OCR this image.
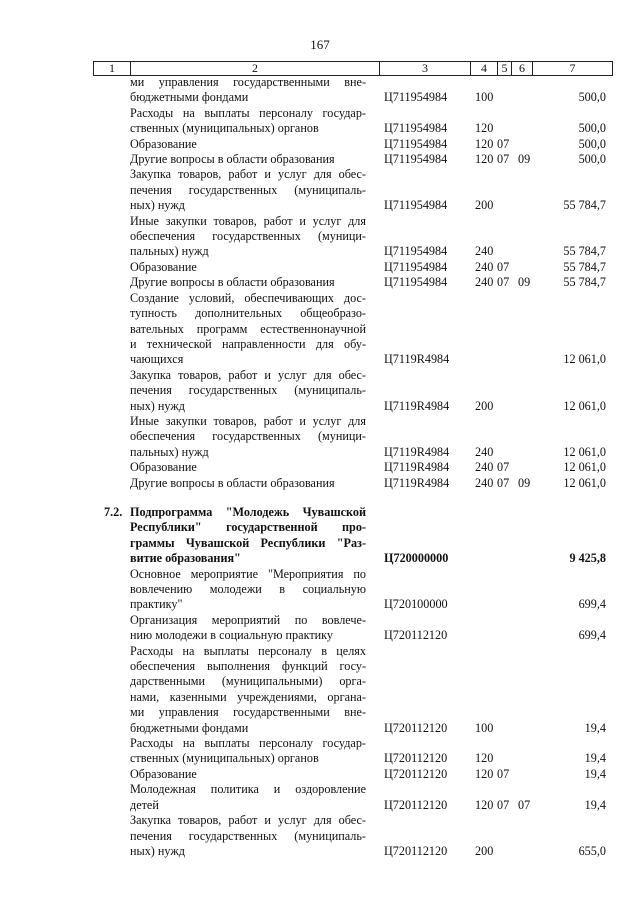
167
1	2	3	4	5 6	7
ми управления государственными вне-
бюджетными фондами	Ц711954984 100	500,0
Расходы на выплаты персоналу государ-
ственных (муниципальных) органов	Ц711954984 120	500,0
Образование	Ц711954984 120 07	500,0
Другие вопросы в области образования	Ц711954984 120 07 09	500,0
Закупка товаров, работ и услуг для обес-
печения государственных (муниципаль-
ных) нужд	Ц711954984 200	55 784,7
Иные закупки товаров, работ и услуг для
обеспечения государственных (муници-
пальных) нужд	Ц711954984 240	55 784,7
Образование	Ц711954984 240 07	55 784,7
Другие вопросы в области образования	Ц711954984 240 07 09	55 784,7
Создание условий, обеспечивающих дос-
тупность дополнительных общеобразо-
вательных программ естественнонаучной
и технической направленности для обу-
чающихся	Ц7119R4984	12 061,0
Закупка товаров, работ и услуг для обес-
печения государственных (муниципаль-
ных) нужд	Ц7119R4984 200	12 061,0
Иные закупки товаров, работ и услуг для
обеспечения государственных (муници-
пальных) нужд	Ц7119R4984 240	12 061,0
Образование	Ц7119R4984 240 07	12 061,0
Другие вопросы в области образования	Ц7119R4984 240 07 09	12 061,0
7.2. Подпрограмма "Молодежь Чувашской
Республики" государственной про-
граммы Чувашской Республики "Раз-
витие образования"	Ц720000000	9 425,8
Основное мероприятие "Мероприятия по
вовлечению молодежи в социальную
практику"	Ц720100000	699,4
Организация мероприятий по вовлече-
нию молодежи в социальную практику	Ц720112120	699,4
Расходы на выплаты персоналу в целях
обеспечения выполнения функций госу-
дарственными (муниципальными) орга-
нами, казенными учреждениями, органа-
ми управления государственными вне-
бюджетными фондами	Ц720112120 100	19,4
Расходы на выплаты персоналу государ-
ственных (муниципальных) органов	Ц720112120 120	19,4
Образование	Ц720112120 120 07	19,4
Молодежная политика и оздоровление
детей	Ц720112120 120 07 07	19,4
Закупка товаров, работ и услуг для обес-
печения государственных (муниципаль-
ных) нужд	Ц720112120 200	655,0
